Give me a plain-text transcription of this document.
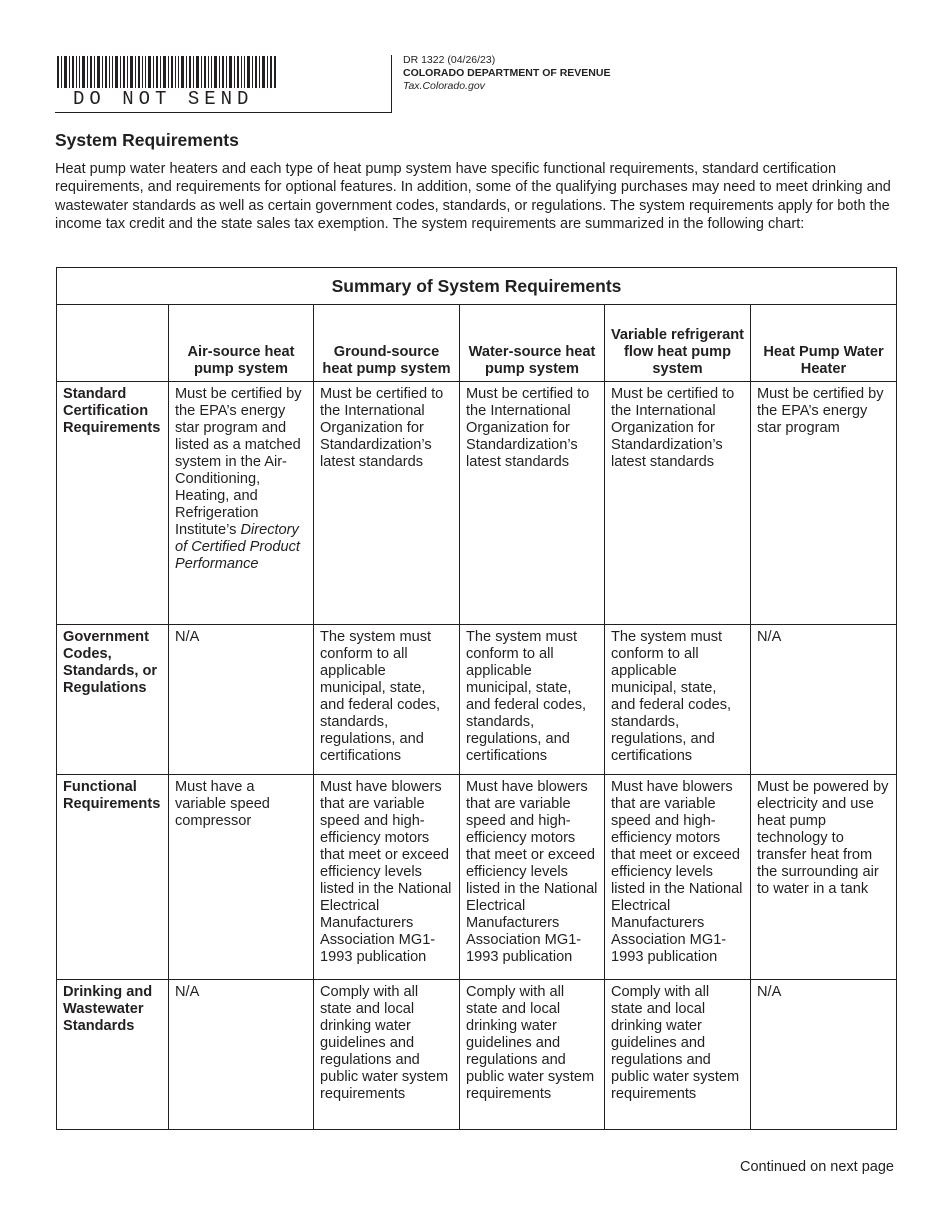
DO NOT SEND
DR 1322 (04/26/23)
COLORADO DEPARTMENT OF REVENUE
Tax.Colorado.gov
System Requirements

Heat pump water heaters and each type of heat pump system have specific functional requirements, standard certification requirements, and requirements for optional features. In addition, some of the qualifying purchases may need to meet drinking and wastewater standards as well as certain government codes, standards, or regulations. The system requirements apply for both the income tax credit and the state sales tax exemption. The system requirements are summarized in the following chart:

Summary of System Requirements					
	Air-source heat pump system	Ground-source heat pump system	Water-source heat pump system	Variable refrigerant flow heat pump system	Heat Pump Water Heater
Standard Certification Requirements	Must be certified by the EPA’s energy star program and listed as a matched system in the Air-Conditioning, Heating, and Refrigeration Institute’s Directory of Certified Product Performance	Must be certified to the International Organization for Standardization’s latest standards	Must be certified to the International Organization for Standardization’s latest standards	Must be certified to the International Organization for Standardization’s latest standards	Must be certified by the EPA’s energy star program
Government Codes, Standards, or Regulations	N/A	The system must conform to all applicable municipal, state, and federal codes, standards, regulations, and certifications	The system must conform to all applicable municipal, state, and federal codes, standards, regulations, and certifications	The system must conform to all applicable municipal, state, and federal codes, standards, regulations, and certifications	N/A
Functional Requirements	Must have a variable speed compressor	Must have blowers that are variable speed and high-efficiency motors that meet or exceed efficiency levels listed in the National Electrical Manufacturers Association MG1-1993 publication	Must have blowers that are variable speed and high-efficiency motors that meet or exceed efficiency levels listed in the National Electrical Manufacturers Association MG1-1993 publication	Must have blowers that are variable speed and high-efficiency motors that meet or exceed efficiency levels listed in the National Electrical Manufacturers Association MG1-1993 publication	Must be powered by electricity and use heat pump technology to transfer heat from the surrounding air to water in a tank
Drinking and Wastewater Standards	N/A	Comply with all state and local drinking water guidelines and regulations and public water system requirements	Comply with all state and local drinking water guidelines and regulations and public water system requirements	Comply with all state and local drinking water guidelines and regulations and public water system requirements	N/A
Continued on next page
